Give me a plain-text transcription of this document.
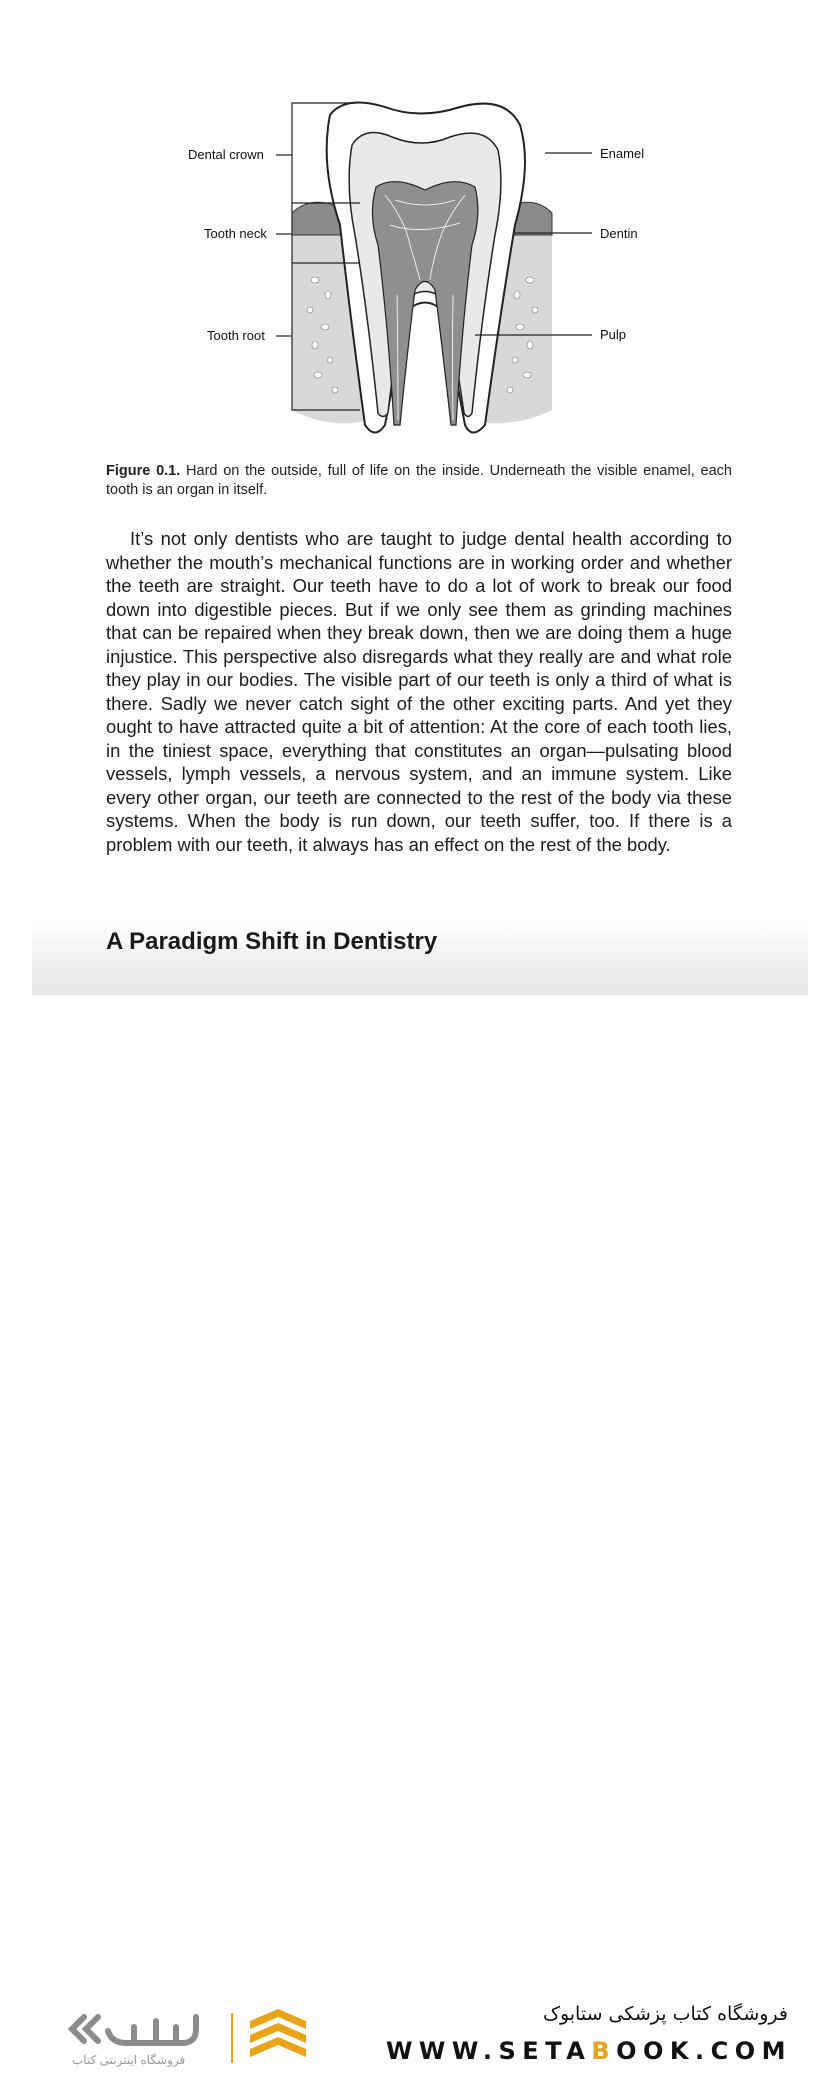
Dental crown
Tooth neck
Tooth root
Enamel
Dentin
Pulp
Figure 0.1. Hard on the outside, full of life on the inside. Underneath the visible enamel, each tooth is an organ in itself.

It’s not only dentists who are taught to judge dental health according to whether the mouth’s mechanical functions are in working order and whether the teeth are straight. Our teeth have to do a lot of work to break our food down into digestible pieces. But if we only see them as grinding machines that can be repaired when they break down, then we are doing them a huge injustice. This perspective also disregards what they really are and what role they play in our bodies. The visible part of our teeth is only a third of what is there. Sadly we never catch sight of the other exciting parts. And yet they ought to have attracted quite a bit of attention: At the core of each tooth lies, in the tiniest space, everything that constitutes an organ—pulsating blood vessels, lymph vessels, a nervous system, and an immune system. Like every other organ, our teeth are connected to the rest of the body via these systems. When the body is run down, our teeth suffer, too. If there is a problem with our teeth, it always has an effect on the rest of the body.

A Paradigm Shift in Dentistry
فروشگاه اینترنتی کتاب
فروشگاه کتاب پزشکی ستابوک
WWW.SETABOOK.COM
